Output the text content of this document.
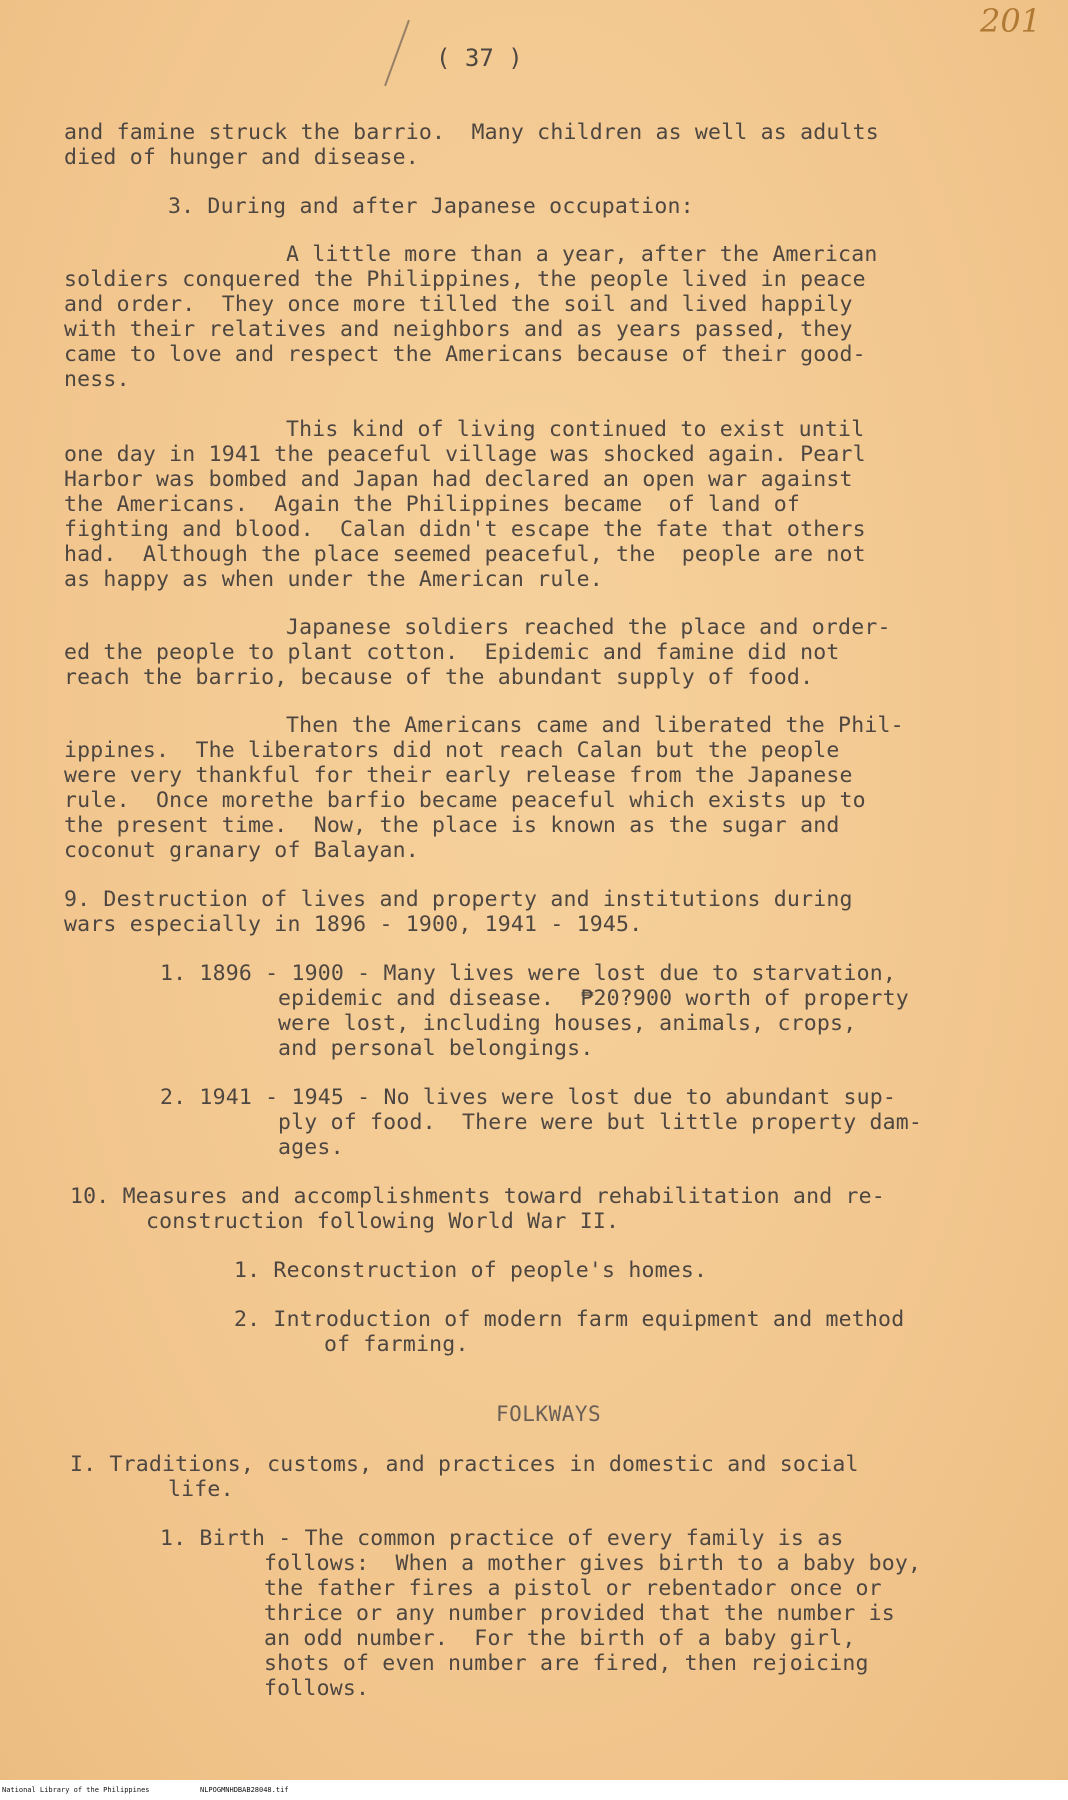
( 37 )
201
and famine struck the barrio.  Many children as well as adults
died of hunger and disease.
3. During and after Japanese occupation:
A little more than a year, after the American
soldiers conquered the Philippines, the people lived in peace
and order.  They once more tilled the soil and lived happily
with their relatives and neighbors and as years passed, they
came to love and respect the Americans because of their good-
ness.
This kind of living continued to exist until
one day in 1941 the peaceful village was shocked again. Pearl
Harbor was bombed and Japan had declared an open war against
the Americans.  Again the Philippines became  of land of
fighting and blood.  Calan didn't escape the fate that others
had.  Although the place seemed peaceful, the  people are not
as happy as when under the American rule.
Japanese soldiers reached the place and order-
ed the people to plant cotton.  Epidemic and famine did not
reach the barrio, because of the abundant supply of food.
Then the Americans came and liberated the Phil-
ippines.  The liberators did not reach Calan but the people
were very thankful for their early release from the Japanese
rule.  Once morethe barfio became peaceful which exists up to
the present time.  Now, the place is known as the sugar and
coconut granary of Balayan.
9. Destruction of lives and property and institutions during
wars especially in 1896 - 1900, 1941 - 1945.
1. 1896 - 1900 - Many lives were lost due to starvation,
epidemic and disease.  ₱20?900 worth of property
were lost, including houses, animals, crops,
and personal belongings.
2. 1941 - 1945 - No lives were lost due to abundant sup-
ply of food.  There were but little property dam-
ages.
10. Measures and accomplishments toward rehabilitation and re-
construction following World War II.
1. Reconstruction of people's homes.
2. Introduction of modern farm equipment and method
of farming.
FOLKWAYS
I. Traditions, customs, and practices in domestic and social
life.
1. Birth - The common practice of every family is as
follows:  When a mother gives birth to a baby boy,
the father fires a pistol or rebentador once or
thrice or any number provided that the number is
an odd number.  For the birth of a baby girl,
shots of even number are fired, then rejoicing
follows.
National Library of the Philippines	NLPOGMNHDBAB28048.tif
